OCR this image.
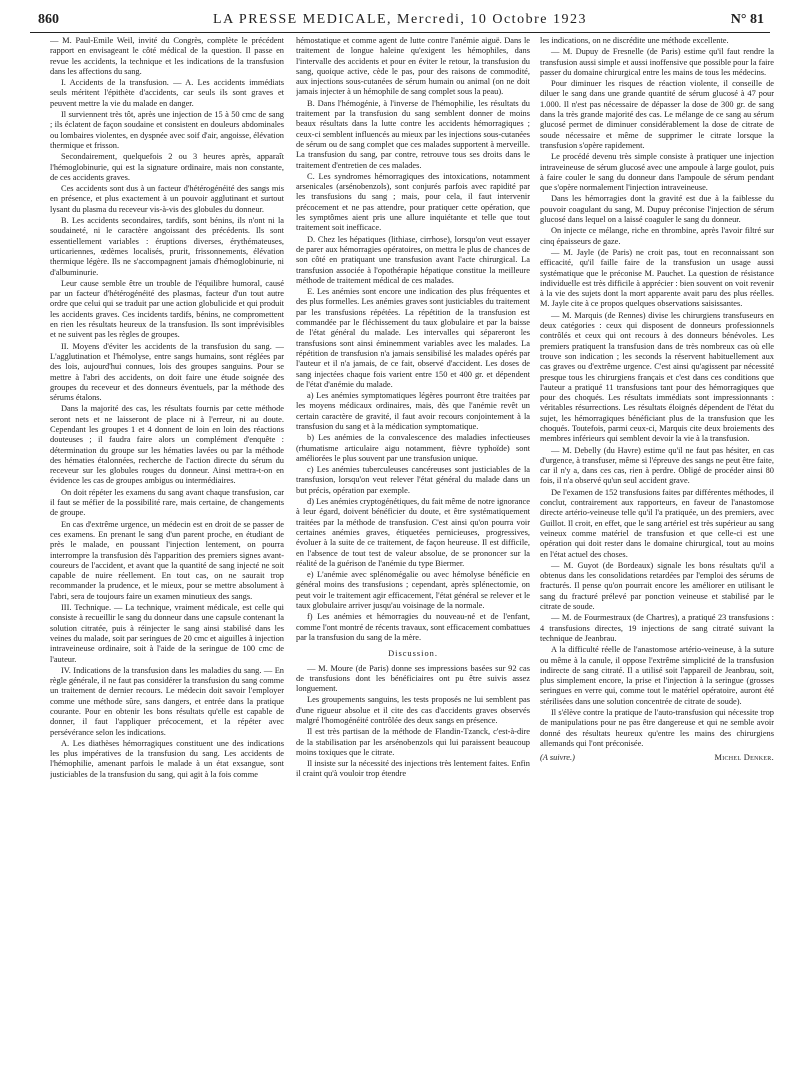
860	LA PRESSE MEDICALE, Mercredi, 10 Octobre 1923	N° 81

— M. Paul-Emile Weil, invité du Congrès, complète le précédent rapport en envisageant le côté médical de la question. Il passe en revue les accidents, la technique et les indications de la transfusion dans les affections du sang.

I. Accidents de la transfusion. — A. Les accidents immédiats seuls méritent l'épithète d'accidents, car seuls ils sont graves et peuvent mettre la vie du malade en danger.

Il surviennent très tôt, après une injection de 15 à 50 cmc de sang ; ils éclatent de façon soudaine et consistent en douleurs abdominales ou lombaires violentes, en dyspnée avec soif d'air, angoisse, élévation thermique et frisson.

Secondairement, quelquefois 2 ou 3 heures après, apparaît l'hémoglobinurie, qui est la signature ordinaire, mais non constante, de ces accidents graves.

Ces accidents sont dus à un facteur d'hétérogénéité des sangs mis en présence, et plus exactement à un pouvoir agglutinant et surtout lysant du plasma du receveur vis-à-vis des globules du donneur.

B. Les accidents secondaires, tardifs, sont bénins, ils n'ont ni la soudaineté, ni le caractère angoissant des précédents. Ils sont essentiellement variables : éruptions diverses, érythémateuses, urticariennes, œdèmes localisés, prurit, frissonnements, élévation thermique légère. Ils ne s'accompagnent jamais d'hémoglobinurie, ni d'albuminurie.

Leur cause semble être un trouble de l'équilibre humoral, causé par un facteur d'hétérogénéité des plasmas, facteur d'un tout autre ordre que celui qui se traduit par une action globulicide et qui produit les accidents graves. Ces incidents tardifs, bénins, ne compromettent en rien les résultats heureux de la transfusion. Ils sont imprévisibles et ne suivent pas les règles de groupes.

II. Moyens d'éviter les accidents de la transfusion du sang. — L'agglutination et l'hémolyse, entre sangs humains, sont réglées par des lois, aujourd'hui connues, lois des groupes sanguins. Pour se mettre à l'abri des accidents, on doit faire une étude soignée des groupes du receveur et des donneurs éventuels, par la méthode des sérums étalons.

Dans la majorité des cas, les résultats fournis par cette méthode seront nets et ne laisseront de place ni à l'erreur, ni au doute. Cependant les groupes 1 et 4 donnent de loin en loin des réactions douteuses ; il faudra faire alors un complément d'enquête : détermination du groupe sur les hématies lavées ou par la méthode des hématies étalonnées, recherche de l'action directe du sérum du receveur sur les globules rouges du donneur. Ainsi mettra-t-on en évidence les cas de groupes ambigus ou intermédiaires.

On doit répéter les examens du sang avant chaque transfusion, car il faut se méfier de la possibilité rare, mais certaine, de changements de groupe.

En cas d'extrême urgence, un médecin est en droit de se passer de ces examens. En prenant le sang d'un parent proche, en étudiant de près le malade, en poussant l'injection lentement, on pourra interrompre la transfusion dès l'apparition des premiers signes avant-coureurs de l'accident, et avant que la quantité de sang injecté ne soit capable de nuire réellement. En tout cas, on ne saurait trop recommander la prudence, et le mieux, pour se mettre absolument à l'abri, sera de toujours faire un examen minutieux des sangs.

III. Technique. — La technique, vraiment médicale, est celle qui consiste à recueillir le sang du donneur dans une capsule contenant la solution citratée, puis à réinjecter le sang ainsi stabilisé dans les veines du malade, soit par seringues de 20 cmc et aiguilles à injection intraveineuse ordinaire, soit à l'aide de la seringue de 100 cmc de l'auteur.

IV. Indications de la transfusion dans les maladies du sang. — En règle générale, il ne faut pas considérer la transfusion du sang comme un traitement de dernier recours. Le médecin doit savoir l'employer comme une méthode sûre, sans dangers, et entrée dans la pratique courante. Pour en obtenir les bons résultats qu'elle est capable de donner, il faut l'appliquer précocement, et la répéter avec persévérance selon les indications.

A. Les diathèses hémorragiques constituent une des indications les plus impératives de la transfusion du sang. Les accidents de l'hémophilie, amenant parfois le malade à un état exsangue, sont justiciables de la transfusion du sang, qui agit à la fois comme

hémostatique et comme agent de lutte contre l'anémie aiguë. Dans le traitement de longue haleine qu'exigent les hémophiles, dans l'intervalle des accidents et pour en éviter le retour, la transfusion du sang, quoique active, cède le pas, pour des raisons de commodité, aux injections sous-cutanées de sérum humain ou animal (on ne doit jamais injecter à un hémophile de sang complet sous la peau).

B. Dans l'hémogénie, à l'inverse de l'hémophilie, les résultats du traitement par la transfusion du sang semblent donner de moins beaux résultats dans la lutte contre les accidents hémorragiques ; ceux-ci semblent influencés au mieux par les injections sous-cutanées de sérum ou de sang complet que ces malades supportent à merveille. La transfusion du sang, par contre, retrouve tous ses droits dans le traitement d'entretien de ces malades.

C. Les syndromes hémorragiques des intoxications, notamment arsenicales (arsénobenzols), sont conjurés parfois avec rapidité par les transfusions du sang ; mais, pour cela, il faut intervenir précocement et ne pas attendre, pour pratiquer cette opération, que les symptômes aient pris une allure inquiétante et telle que tout traitement soit inefficace.

D. Chez les hépatiques (lithiase, cirrhose), lorsqu'on veut essayer de parer aux hémorragies opératoires, on mettra le plus de chances de son côté en pratiquant une transfusion avant l'acte chirurgical. La transfusion associée à l'opothérapie hépatique constitue la meilleure méthode de traitement médical de ces malades.

E. Les anémies sont encore une indication des plus fréquentes et des plus formelles. Les anémies graves sont justiciables du traitement par les transfusions répétées. La répétition de la transfusion est commandée par le fléchissement du taux globulaire et par la baisse de l'état général du malade. Les intervalles qui sépareront les transfusions sont ainsi éminemment variables avec les malades. La répétition de transfusion n'a jamais sensibilisé les malades opérés par l'auteur et il n'a jamais, de ce fait, observé d'accident. Les doses de sang injectées chaque fois varient entre 150 et 400 gr. et dépendent de l'état d'anémie du malade.

a) Les anémies symptomatiques légères pourront être traitées par les moyens médicaux ordinaires, mais, dès que l'anémie revêt un certain caractère de gravité, il faut avoir recours conjointement à la transfusion du sang et à la médication symptomatique.

b) Les anémies de la convalescence des maladies infectieuses (rhumatisme articulaire aigu notamment, fièvre typhoïde) sont améliorées le plus souvent par une transfusion unique.

c) Les anémies tuberculeuses cancéreuses sont justiciables de la transfusion, lorsqu'on veut relever l'état général du malade dans un but précis, opération par exemple.

d) Les anémies cryptogénétiques, du fait même de notre ignorance à leur égard, doivent bénéficier du doute, et être systématiquement traitées par la méthode de transfusion. C'est ainsi qu'on pourra voir certaines anémies graves, étiquetées pernicieuses, progressives, évoluer à la suite de ce traitement, de façon heureuse. Il est difficile, en l'absence de tout test de valeur absolue, de se prononcer sur la réalité de la guérison de l'anémie du type Biermer.

e) L'anémie avec splénomégalie ou avec hémolyse bénéficie en général moins des transfusions ; cependant, après splénectomie, on peut voir le traitement agir efficacement, l'état général se relever et le taux globulaire arriver jusqu'au voisinage de la normale.

f) Les anémies et hémorragies du nouveau-né et de l'enfant, comme l'ont montré de récents travaux, sont efficacement combattues par la transfusion du sang de la mère.

Discussion.

— M. Moure (de Paris) donne ses impressions basées sur 92 cas de transfusions dont les bénéficiaires ont pu être suivis assez longuement.

Les groupements sanguins, les tests proposés ne lui semblent pas d'une rigueur absolue et il cite des cas d'accidents graves observés malgré l'homogénéité contrôlée des deux sangs en présence.

Il est très partisan de la méthode de Flandin-Tzanck, c'est-à-dire de la stabilisation par les arsénobenzols qui lui paraissent beaucoup moins toxiques que le citrate.

Il insiste sur la nécessité des injections très lentement faites. Enfin il craint qu'à vouloir trop étendre

les indications, on ne discrédite une méthode excellente.

— M. Dupuy de Fresnelle (de Paris) estime qu'il faut rendre la transfusion aussi simple et aussi inoffensive que possible pour la faire passer du domaine chirurgical entre les mains de tous les médecins.

Pour diminuer les risques de réaction violente, il conseille de diluer le sang dans une grande quantité de sérum glucosé à 47 pour 1.000. Il n'est pas nécessaire de dépasser la dose de 300 gr. de sang dans la très grande majorité des cas. Le mélange de ce sang au sérum glucosé permet de diminuer considérablement la dose de citrate de soude nécessaire et même de supprimer le citrate lorsque la transfusion s'opère rapidement.

Le procédé devenu très simple consiste à pratiquer une injection intraveineuse de sérum glucosé avec une ampoule à large goulot, puis à faire couler le sang du donneur dans l'ampoule de sérum pendant que s'opère normalement l'injection intraveineuse.

Dans les hémorragies dont la gravité est due à la faiblesse du pouvoir coagulant du sang, M. Dupuy préconise l'injection de sérum glucosé dans lequel on a laissé coaguler le sang du donneur.

On injecte ce mélange, riche en thrombine, après l'avoir filtré sur cinq épaisseurs de gaze.

— M. Jayle (de Paris) ne croit pas, tout en reconnaissant son efficacité, qu'il faille faire de la transfusion un usage aussi systématique que le préconise M. Pauchet. La question de résistance individuelle est très difficile à apprécier : bien souvent on voit revenir à la vie des sujets dont la mort apparente avait paru des plus réelles. M. Jayle cite à ce propos quelques observations saisissantes.

— M. Marquis (de Rennes) divise les chirurgiens transfuseurs en deux catégories : ceux qui disposent de donneurs professionnels contrôlés et ceux qui ont recours à des donneurs bénévoles. Les premiers pratiquent la transfusion dans de très nombreux cas où elle trouve son indication ; les seconds la réservent habituellement aux cas graves ou d'extrême urgence. C'est ainsi qu'agissent par nécessité presque tous les chirurgiens français et c'est dans ces conditions que l'auteur a pratiqué 11 transfusions tant pour des hémorragiques que pour des choqués. Les résultats immédiats sont impressionnants : véritables résurrections. Les résultats éloignés dépendent de l'état du sujet, les hémorragiques bénéficiant plus de la transfusion que les choqués. Toutefois, parmi ceux-ci, Marquis cite deux broiements des membres inférieurs qui semblent devoir la vie à la transfusion.

— M. Debelly (du Havre) estime qu'il ne faut pas hésiter, en cas d'urgence, à transfuser, même si l'épreuve des sangs ne peut être faite, car il n'y a, dans ces cas, rien à perdre. Obligé de procéder ainsi 80 fois, il n'a observé qu'un seul accident grave.

De l'examen de 152 transfusions faites par différentes méthodes, il conclut, contrairement aux rapporteurs, en faveur de l'anastomose directe artério-veineuse telle qu'il l'a pratiquée, un des premiers, avec Guillot. Il croit, en effet, que le sang artériel est très supérieur au sang veineux comme matériel de transfusion et que celle-ci est une opération qui doit rester dans le domaine chirurgical, tout au moins en l'état actuel des choses.

— M. Guyot (de Bordeaux) signale les bons résultats qu'il a obtenus dans les consolidations retardées par l'emploi des sérums de fracturés. Il pense qu'on pourrait encore les améliorer en utilisant le sang du fracturé prélevé par ponction veineuse et stabilisé par le citrate de soude.

— M. de Fourmestraux (de Chartres), a pratiqué 23 transfusions : 4 transfusions directes, 19 injections de sang citraté suivant la technique de Jeanbrau.

A la difficulté réelle de l'anastomose artério-veineuse, à la suture ou même à la canule, il oppose l'extrême simplicité de la transfusion indirecte de sang citraté. Il a utilisé soit l'appareil de Jeanbrau, soit, plus simplement encore, la prise et l'injection à la seringue (grosses seringues en verre qui, comme tout le matériel opératoire, auront été stérilisées dans une solution concentrée de citrate de soude).

Il s'élève contre la pratique de l'auto-transfusion qui nécessite trop de manipulations pour ne pas être dangereuse et qui ne semble avoir donné des résultats heureux qu'entre les mains des chirurgiens allemands qui l'ont préconisée.

(A suivre.)	Michel Denker.
